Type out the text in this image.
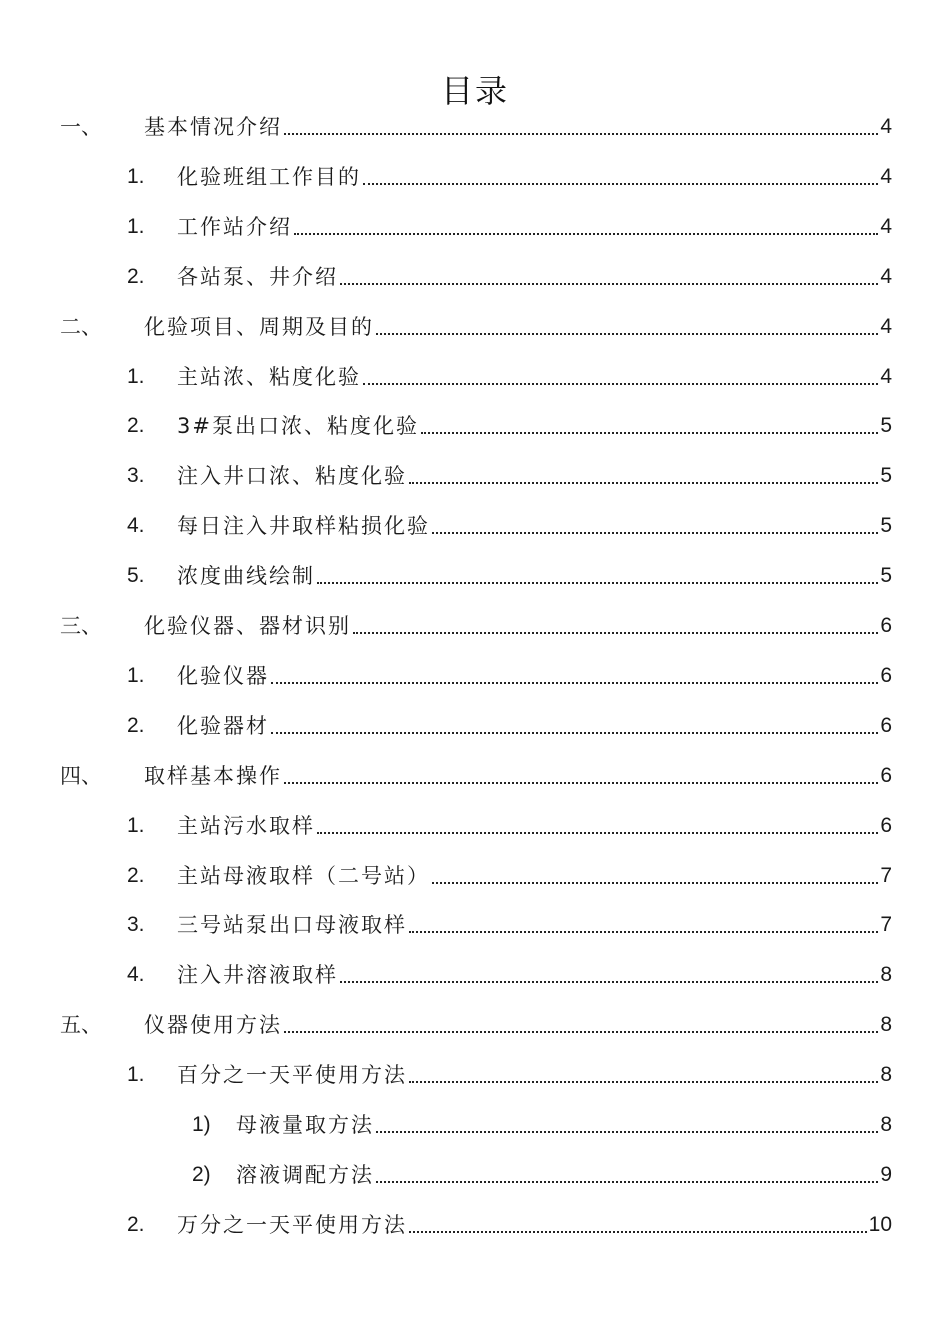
目录
一、	基本情况介绍	4
1.	化验班组工作目的	4
1.	工作站介绍	4
2.	各站泵、井介绍	4
二、	化验项目、周期及目的	4
1.	主站浓、粘度化验	4
2.	3#泵出口浓、粘度化验	5
3.	注入井口浓、粘度化验	5
4.	每日注入井取样粘损化验	5
5.	浓度曲线绘制	5
三、	化验仪器、器材识别	6
1.	化验仪器	6
2.	化验器材	6
四、	取样基本操作	6
1.	主站污水取样	6
2.	主站母液取样（二号站）	7
3.	三号站泵出口母液取样	7
4.	注入井溶液取样	8
五、	仪器使用方法	8
1.	百分之一天平使用方法	8
1)	母液量取方法	8
2)	溶液调配方法	9
2.	万分之一天平使用方法	10
